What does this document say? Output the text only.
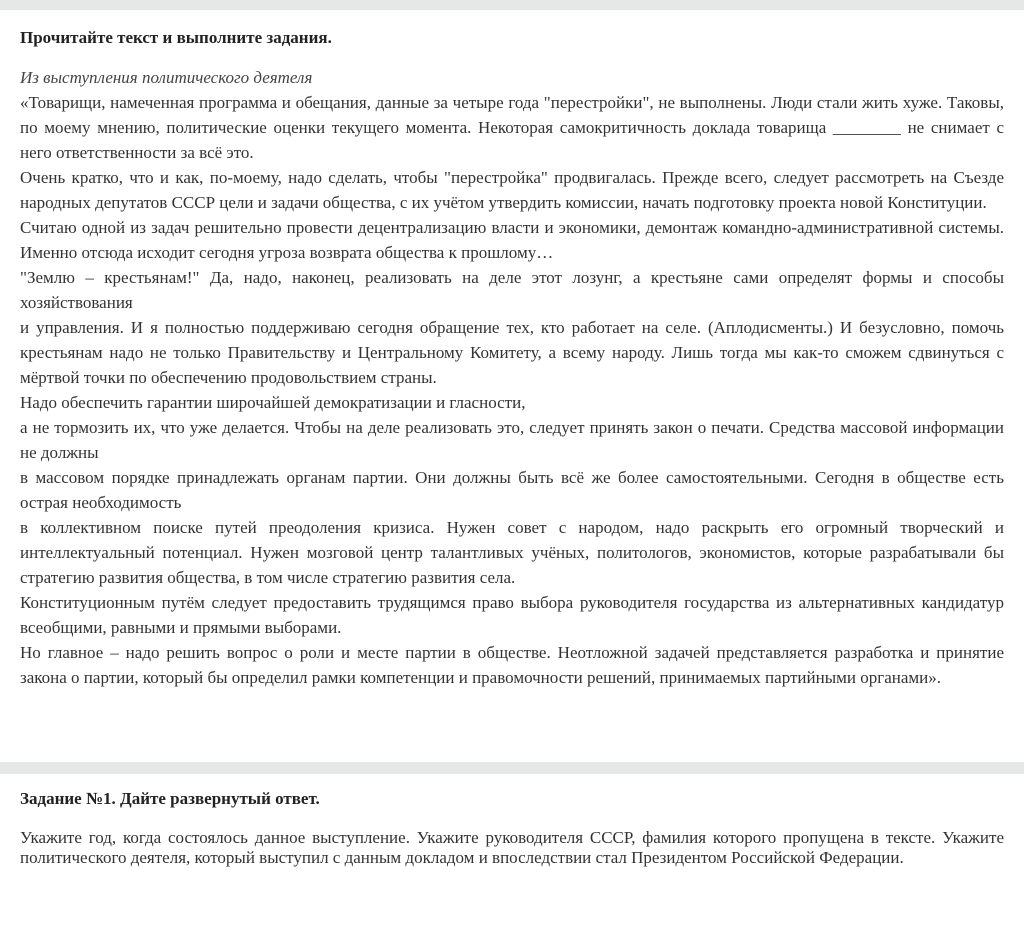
Прочитайте текст и выполните задания.

Из выступления политического деятеля

«Товарищи, намеченная программа и обещания, данные за четыре года "перестройки", не выполнены. Люди стали жить хуже. Таковы, по моему мнению, политические оценки текущего момента. Некоторая самокритичность доклада товарища ________ не снимает с него ответственности за всё это.

Очень кратко, что и как, по-моему, надо сделать, чтобы "перестройка" продвигалась. Прежде всего, следует рассмотреть на Съезде народных депутатов СССР цели и задачи общества, с их учётом утвердить комиссии, начать подготовку проекта новой Конституции.

Считаю одной из задач решительно провести децентрализацию власти и экономики, демонтаж командно-административной системы. Именно отсюда исходит сегодня угроза возврата общества к прошлому…

"Землю – крестьянам!" Да, надо, наконец, реализовать на деле этот лозунг, а крестьяне сами определят формы и способы хозяйствования

и управления. И я полностью поддерживаю сегодня обращение тех, кто работает на селе. (Аплодисменты.) И безусловно, помочь крестьянам надо не только Правительству и Центральному Комитету, а всему народу. Лишь тогда мы как-то сможем сдвинуться с мёртвой точки по обеспечению продовольствием страны.

Надо обеспечить гарантии широчайшей демократизации и гласности,

а не тормозить их, что уже делается. Чтобы на деле реализовать это, следует принять закон о печати. Средства массовой информации не должны

в массовом порядке принадлежать органам партии. Они должны быть всё же более самостоятельными. Сегодня в обществе есть острая необходимость

в коллективном поиске путей преодоления кризиса. Нужен совет с народом, надо раскрыть его огромный творческий и интеллектуальный потенциал. Нужен мозговой центр талантливых учёных, политологов, экономистов, которые разрабатывали бы стратегию развития общества, в том числе стратегию развития села.

Конституционным путём следует предоставить трудящимся право выбора руководителя государства из альтернативных кандидатур всеобщими, равными и прямыми выборами.

Но главное – надо решить вопрос о роли и месте партии в обществе. Неотложной задачей представляется разработка и принятие закона о партии, который бы определил рамки компетенции и правомочности решений, принимаемых партийными органами».

Задание №1. Дайте развернутый ответ.

Укажите год, когда состоялось данное выступление. Укажите руководителя СССР, фамилия которого пропущена в тексте. Укажите политического деятеля, который выступил с данным докладом и впоследствии стал Президентом Российской Федерации.
